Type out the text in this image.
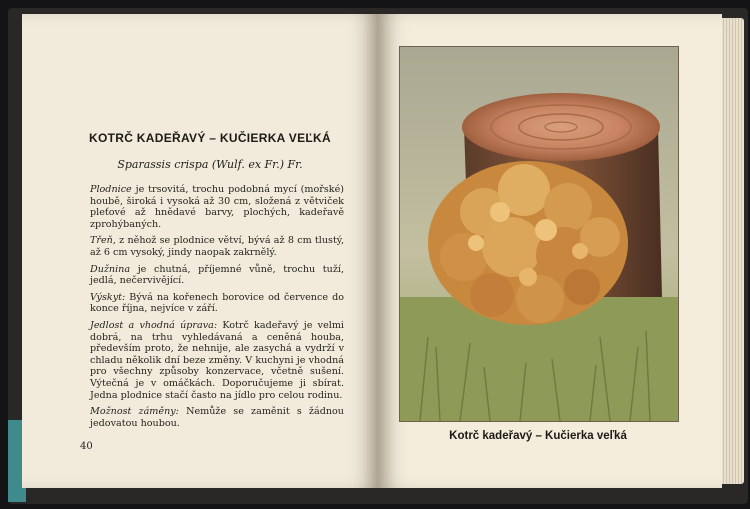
KOTRČ KADEŘAVÝ – KUČIERKA VEĽKÁ
Sparassis crispa (Wulf. ex Fr.) Fr.

Plodnice je trsovitá, trochu podobná mycí (mořské) houbě, široká i vysoká až 30 cm, složená z větviček pleťové až hnědavé barvy, plochých, kadeřavě zprohýbaných.

Třeň, z něhož se plodnice větví, bývá až 8 cm tlustý, až 6 cm vysoký, jindy naopak zakrnělý.

Dužnina je chutná, příjemné vůně, trochu tuží, jedlá, nečervivějící.

Výskyt: Bývá na kořenech borovice od července do konce října, nejvíce v září.

Jedlost a vhodná úprava: Kotrč kadeřavý je velmi dobrá, na trhu vyhledávaná a ceněná houba, především proto, že nehnije, ale zasychá a vydrží v chladu několik dní beze změny. V kuchyni je vhodná pro všechny způsoby konzervace, včetně sušení. Výtečná je v omáčkách. Doporučujeme ji sbírat. Jedna plodnice stačí často na jídlo pro celou rodinu.

Možnost záměny: Nemůže se zaměnit s žádnou jedovatou houbou.

40
Kotrč kadeřavý – Kučierka veľká
